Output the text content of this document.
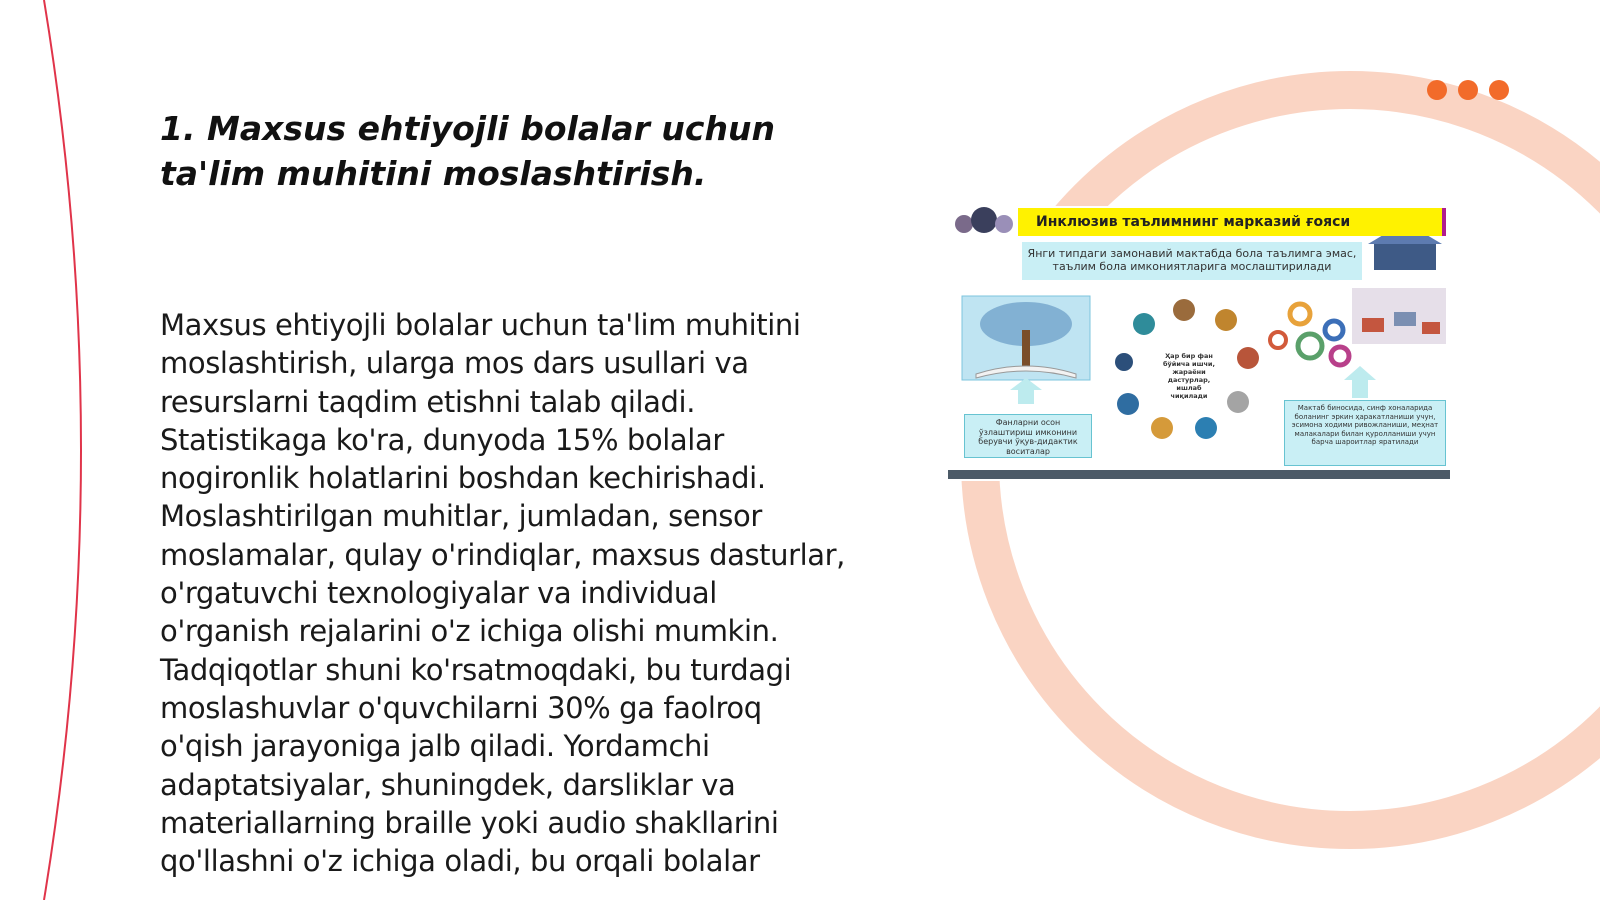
1. Maxsus ehtiyojli bolalar uchun ta'lim muhitini moslashtirish.

Maxsus ehtiyojli bolalar uchun ta'lim muhitini moslashtirish, ularga mos dars usullari va resurslarni taqdim etishni talab qiladi. Statistikaga ko'ra, dunyoda 15% bolalar nogironlik holatlarini boshdan kechirishadi. Moslashtirilgan muhitlar, jumladan, sensor moslamalar, qulay o'rindiqlar, maxsus dasturlar, o'rgatuvchi texnologiyalar va individual o'rganish rejalarini o'z ichiga olishi mumkin. Tadqiqotlar shuni ko'rsatmoqdaki, bu turdagi moslashuvlar o'quvchilarni 30% ga faolroq o'qish jarayoniga jalb qiladi. Yordamchi adaptatsiyalar, shuningdek, darsliklar va materiallarning braille yoki audio shakllarini qo'llashni o'z ichiga oladi, bu orqali bolalar

Инклюзив таълимнинг марказий ғояси
Янги типдаги замонавий мактабда бола таълимга эмас, таълим бола имкониятларига мослаштирилади
Ҳар бир фан бўйича ишчи, жараёни дастурлар, ишлаб чиқилади
Фанларни осон ўзлаштириш имконини берувчи ўқув-дидактик воситалар
Мактаб биносида, синф хоналарида боланинг эркин ҳаракатланиши учун, эсимона ходими ривожланиши, меҳнат малакалари билан қуролланиши учун барча шароитлар яратилади
